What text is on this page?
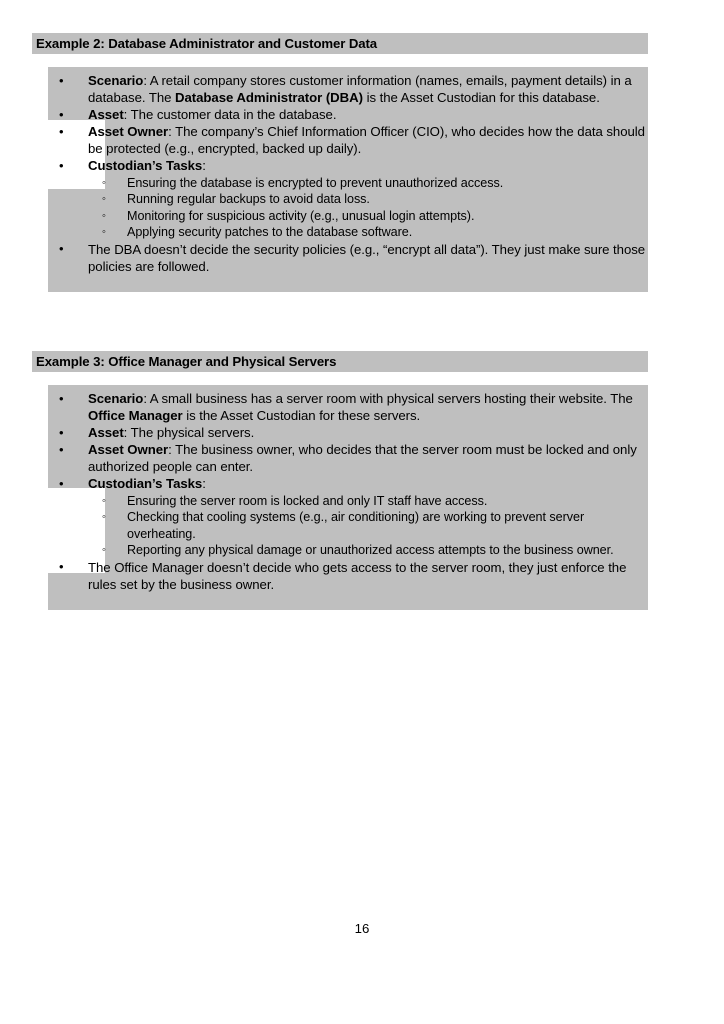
Example 2: Database Administrator and Customer Data
• Scenario: A retail company stores customer information (names, emails, payment details) in a database. The Database Administrator (DBA) is the Asset Custodian for this database.
• Asset: The customer data in the database.
• Asset Owner: The company’s Chief Information Officer (CIO), who decides how the data should be protected (e.g., encrypted, backed up daily).
• Custodian’s Tasks:
◦ Ensuring the database is encrypted to prevent unauthorized access.
◦ Running regular backups to avoid data loss.
◦ Monitoring for suspicious activity (e.g., unusual login attempts).
◦ Applying security patches to the database software.
• The DBA doesn’t decide the security policies (e.g., “encrypt all data”). They just make sure those policies are followed.
Example 3: Office Manager and Physical Servers
• Scenario: A small business has a server room with physical servers hosting their website. The Office Manager is the Asset Custodian for these servers.
• Asset: The physical servers.
• Asset Owner: The business owner, who decides that the server room must be locked and only authorized people can enter.
• Custodian’s Tasks:
◦ Ensuring the server room is locked and only IT staff have access.
◦ Checking that cooling systems (e.g., air conditioning) are working to prevent server overheating.
◦ Reporting any physical damage or unauthorized access attempts to the business owner.
• The Office Manager doesn’t decide who gets access to the server room, they just enforce the rules set by the business owner.
16
